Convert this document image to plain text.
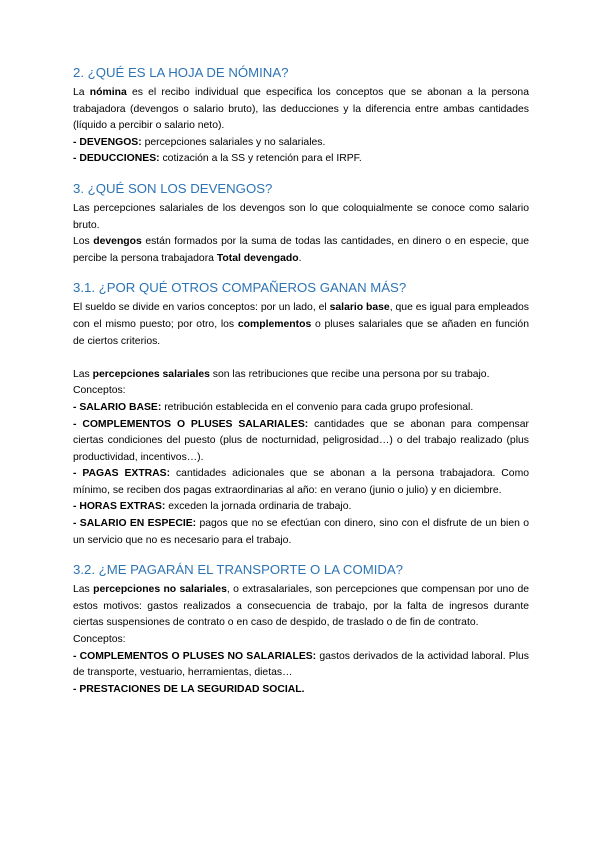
2. ¿QUÉ ES LA HOJA DE NÓMINA?

La nómina es el recibo individual que especifica los conceptos que se abonan a la persona trabajadora (devengos o salario bruto), las deducciones y la diferencia entre ambas cantidades (líquido a percibir o salario neto).

- DEVENGOS: percepciones salariales y no salariales.

- DEDUCCIONES: cotización a la SS y retención para el IRPF.

3. ¿QUÉ SON LOS DEVENGOS?

Las percepciones salariales de los devengos son lo que coloquialmente se conoce como salario bruto.

Los devengos están formados por la suma de todas las cantidades, en dinero o en especie, que percibe la persona trabajadora Total devengado.

3.1. ¿POR QUÉ OTROS COMPAÑEROS GANAN MÁS?

El sueldo se divide en varios conceptos: por un lado, el salario base, que es igual para empleados con el mismo puesto; por otro, los complementos o pluses salariales que se añaden en función de ciertos criterios.

Las percepciones salariales son las retribuciones que recibe una persona por su trabajo.

Conceptos:

- SALARIO BASE: retribución establecida en el convenio para cada grupo profesional.

- COMPLEMENTOS O PLUSES SALARIALES: cantidades que se abonan para compensar ciertas condiciones del puesto (plus de nocturnidad, peligrosidad…) o del trabajo realizado (plus productividad, incentivos…).

- PAGAS EXTRAS: cantidades adicionales que se abonan a la persona trabajadora. Como mínimo, se reciben dos pagas extraordinarias al año: en verano (junio o julio) y en diciembre.

- HORAS EXTRAS: exceden la jornada ordinaria de trabajo.

- SALARIO EN ESPECIE: pagos que no se efectúan con dinero, sino con el disfrute de un bien o un servicio que no es necesario para el trabajo.

3.2. ¿ME PAGARÁN EL TRANSPORTE O LA COMIDA?

Las percepciones no salariales, o extrasalariales, son percepciones que compensan por uno de estos motivos: gastos realizados a consecuencia de trabajo, por la falta de ingresos durante ciertas suspensiones de contrato o en caso de despido, de traslado o de fin de contrato.

Conceptos:

- COMPLEMENTOS O PLUSES NO SALARIALES: gastos derivados de la actividad laboral. Plus de transporte, vestuario, herramientas, dietas…

- PRESTACIONES DE LA SEGURIDAD SOCIAL.
